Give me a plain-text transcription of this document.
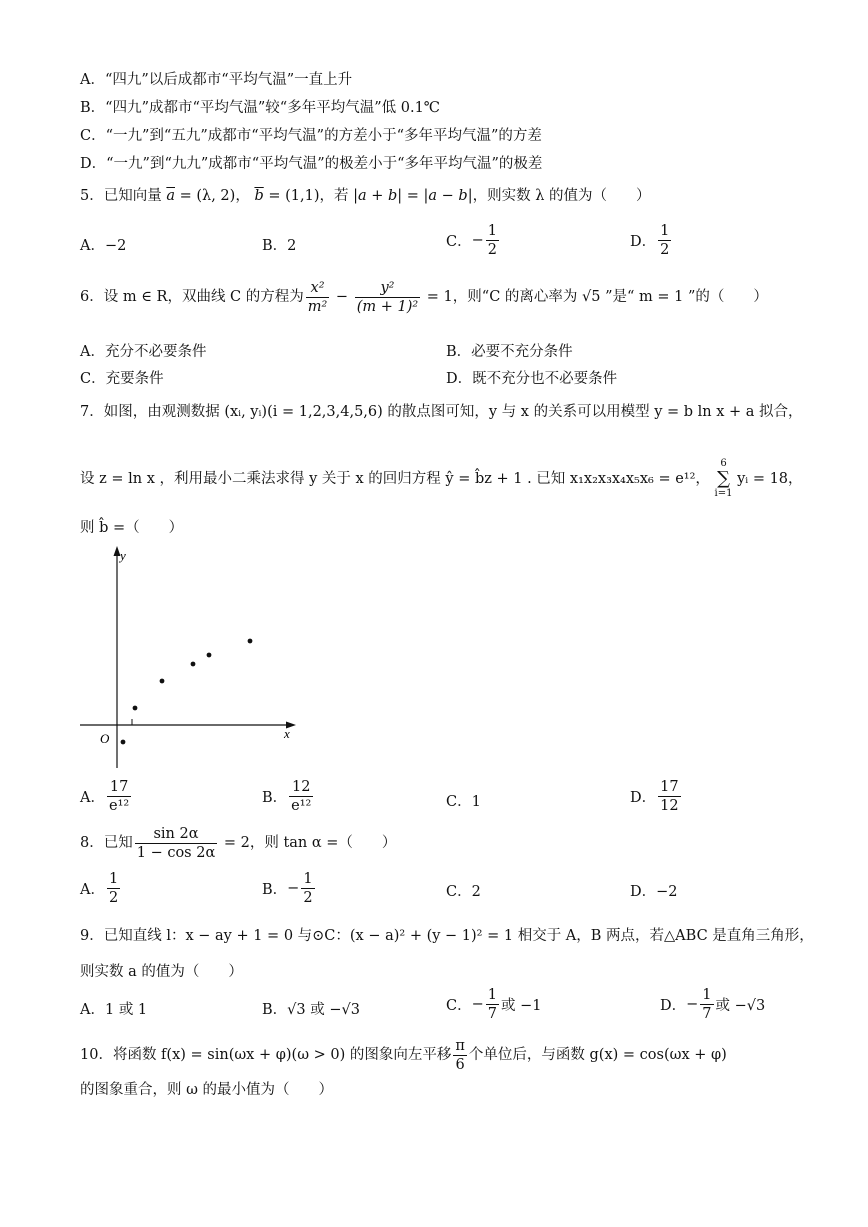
A．“四九”以后成都市“平均气温”一直上升
B．“四九”成都市“平均气温”较“多年平均气温”低 0.1℃
C．“一九”到“五九”成都市“平均气温”的方差小于“多年平均气温”的方差
D．“一九”到“九九”成都市“平均气温”的极差小于“多年平均气温”的极差
5．已知向量 $\overline{a} = (\lambda$, 2)， $\overline{b} = (1,1)$，若 |a + b| = |a − b|，则实数 λ 的值为（　　）
A．−2	B．2	C．− $\frac{1}{2}$	D． $\frac{1}{2}$
6．设 m ∈ R，双曲线 C 的方程为 $\frac{\text{x²}}{\text{m²}} - \frac{\text{y²}}{\text{(m + 1)²}} = 1$，则“C 的离心率为 √5 ”是“ m = 1 ”的（　　）
A．充分不必要条件	B．必要不充分条件
C．充要条件	D．既不充分也不必要条件
7．如图，由观测数据 (xᵢ, yᵢ)(i = 1,2,3,4,5,6) 的散点图可知，y 与 x 的关系可以用模型 y = b ln x + a 拟合，
设 z = ln x ，利用最小二乘法求得 y 关于 x 的回归方程 ŷ = b̂z + 1 . 已知 x₁x₂x₃x₄x₅x₆ = e¹²，
6
∑
i=1
yᵢ = 18，
则 b̂ =（　　）
y
x
O
A． $\frac{17}{\text{e¹²}}$	B． $\frac{12}{\text{e¹²}}$	C．1	D． $\frac{17}{12}$
8．已知 $\frac{\sin 2\alpha}{1 - \cos 2\alpha} = 2$，则 tan α =（　　）
A． $\frac{1}{2}$	B．− $\frac{1}{2}$	C．2	D．−2
9．已知直线 l：x − ay + 1 = 0 与⊙C：(x − a)² + (y − 1)² = 1 相交于 A，B 两点，若△ABC 是直角三角形，
则实数 a 的值为（　　）
A．1 或 1	B．√3 或 −√3	C．− $\frac{1}{7}$ 或 −1	D．− $\frac{1}{7}$ 或 −√3
10．将函数 f(x) = sin(ωx + φ)(ω > 0) 的图象向左平移 $\frac{\pi}{6}$ 个单位后，与函数 g(x) = cos(ωx + φ)
的图象重合，则 ω 的最小值为（　　）
